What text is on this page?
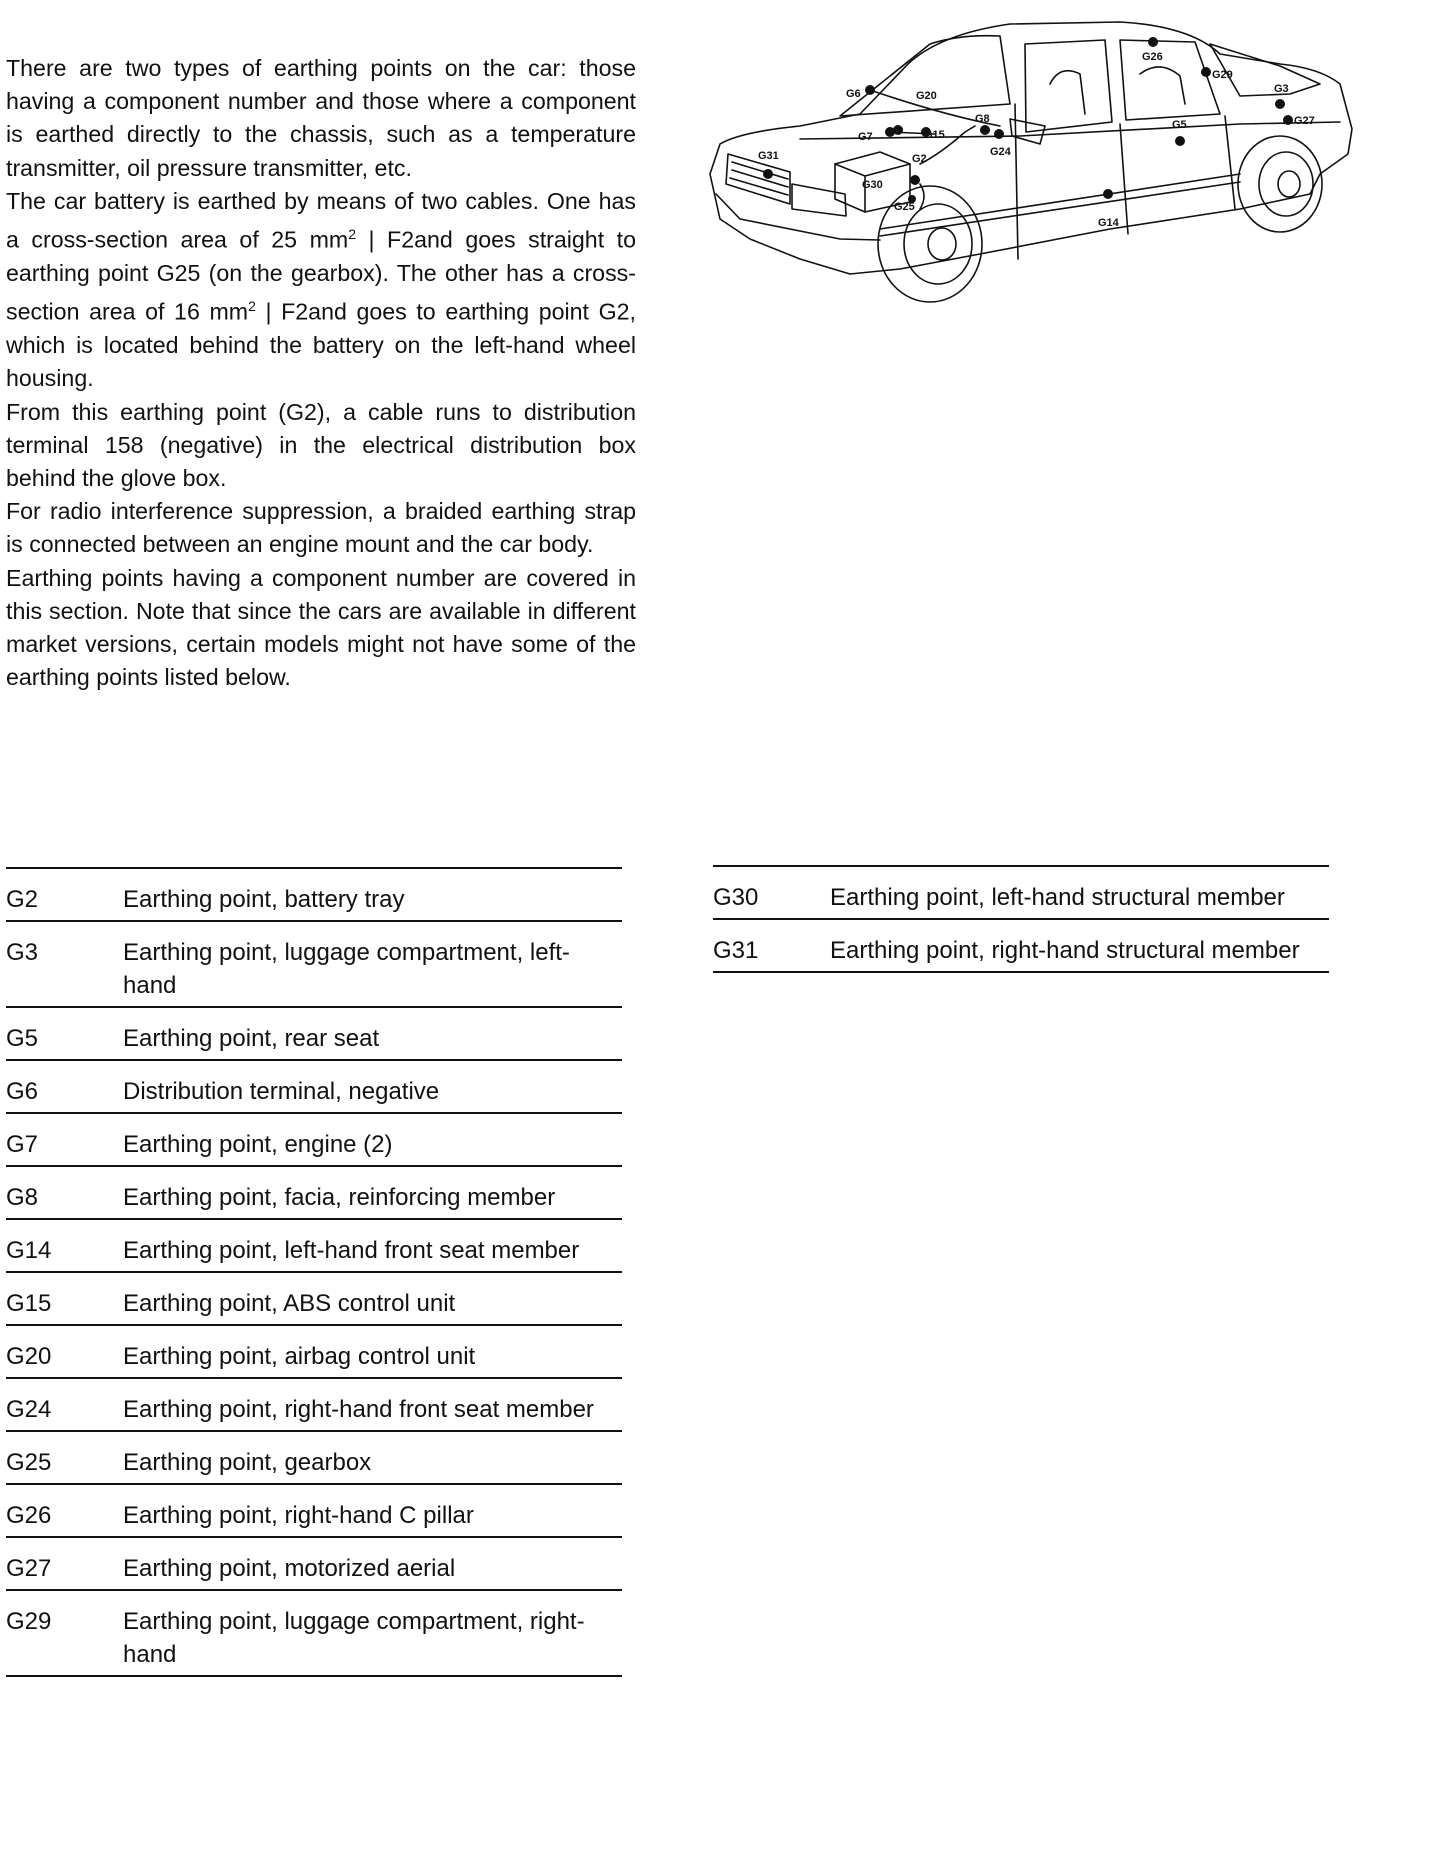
There are two types of earthing points on the car: those having a component number and those where a component is earthed directly to the chassis, such as a temperature transmitter, oil pressure transmitter, etc.

The car battery is earthed by means of two cables. One has a cross-section area of 25 $mm^2$ | F2and goes straight to earthing point G25 (on the gearbox). The other has a cross-section area of 16 $mm^2$ | F2and goes to earthing point G2, which is located behind the battery on the left-hand wheel housing.

From this earthing point (G2), a cable runs to distribution terminal 158 (negative) in the electrical distribution box behind the glove box.

For radio interference suppression, a braided earthing strap is connected between an engine mount and the car body.

Earthing points having a component number are covered in this section. Note that since the cars are available in different market versions, certain models might not have some of the earthing points listed below.

G31
G6	G20
G7	G15
G8
G24
G2
G30
G25
G14
G26
G29
G3
G27
G5
G2	Earthing point, battery tray
G3	Earthing point, luggage compartment, left-hand
G5	Earthing point, rear seat
G6	Distribution terminal, negative
G7	Earthing point, engine (2)
G8	Earthing point, facia, reinforcing member
G14	Earthing point, left-hand front seat member
G15	Earthing point, ABS control unit
G20	Earthing point, airbag control unit
G24	Earthing point, right-hand front seat member
G25	Earthing point, gearbox
G26	Earthing point, right-hand C pillar
G27	Earthing point, motorized aerial
G29	Earthing point, luggage compartment, right-hand
G30	Earthing point, left-hand structural member
G31	Earthing point, right-hand structural member
